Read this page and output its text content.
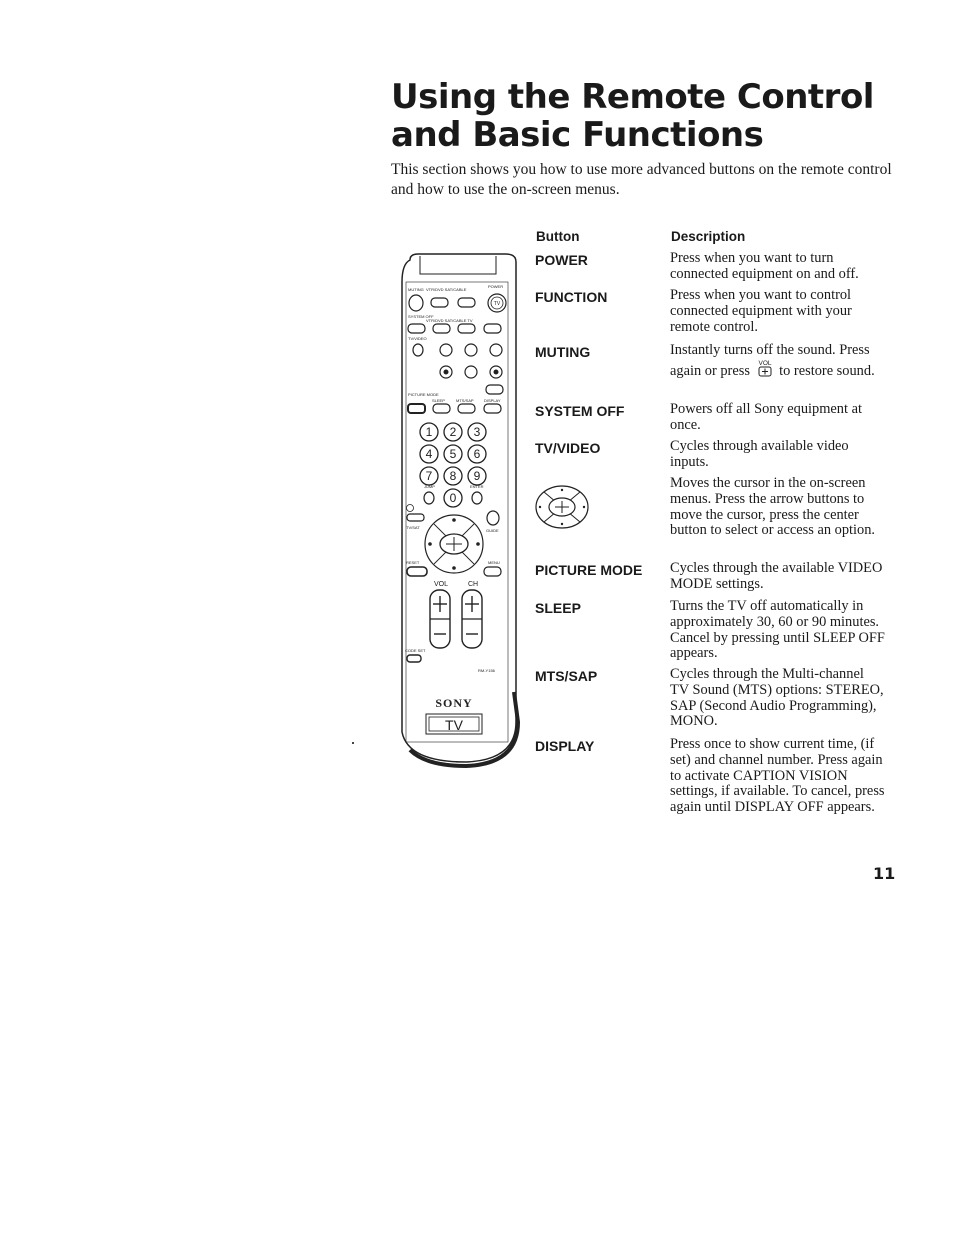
Using the Remote Control and Basic Functions

This section shows you how to use more advanced buttons on the remote control and how to use the on-screen menus.

Button	Description
POWER	Press when you want to turn connected equipment on and off.
FUNCTION	Press when you want to control connected equipment with your remote control.
MUTING	Instantly turns off the sound. Press again or press VOL to restore sound.
SYSTEM OFF	Powers off all Sony equipment at once.
TV/VIDEO	Cycles through available video inputs.
Moves the cursor in the on-screen menus. Press the arrow buttons to move the cursor, press the center button to select or access an option.
PICTURE MODE Cycles through the available VIDEO MODE settings.
SLEEP	Turns the TV off automatically in approximately 30, 60 or 90 minutes. Cancel by pressing until SLEEP OFF appears.
MTS/SAP	Cycles through the Multi-channel TV Sound (MTS) options: STEREO, SAP (Second Audio Programming), MONO.
DISPLAY	Press once to show current time, (if set) and channel number. Press again to activate CAPTION VISION settings, if available. To cancel, press again until DISPLAY OFF appears.
11
MUTING VTR/DVD SAT/CABLE
POWER
TV
SYSTEM OFF
VTR/DVD SAT/CABLE TV
TV/VIDEO
PICTURE MODE
SLEEP	MTS/SAP	DISPLAY
1 2 3
4 5 6
7 8 9
0
JUMP	ENTER
TV/SAT
GUIDE
RESET	MENU
VOL	CH
CODE SET
RM-Y156
SONY
TV
